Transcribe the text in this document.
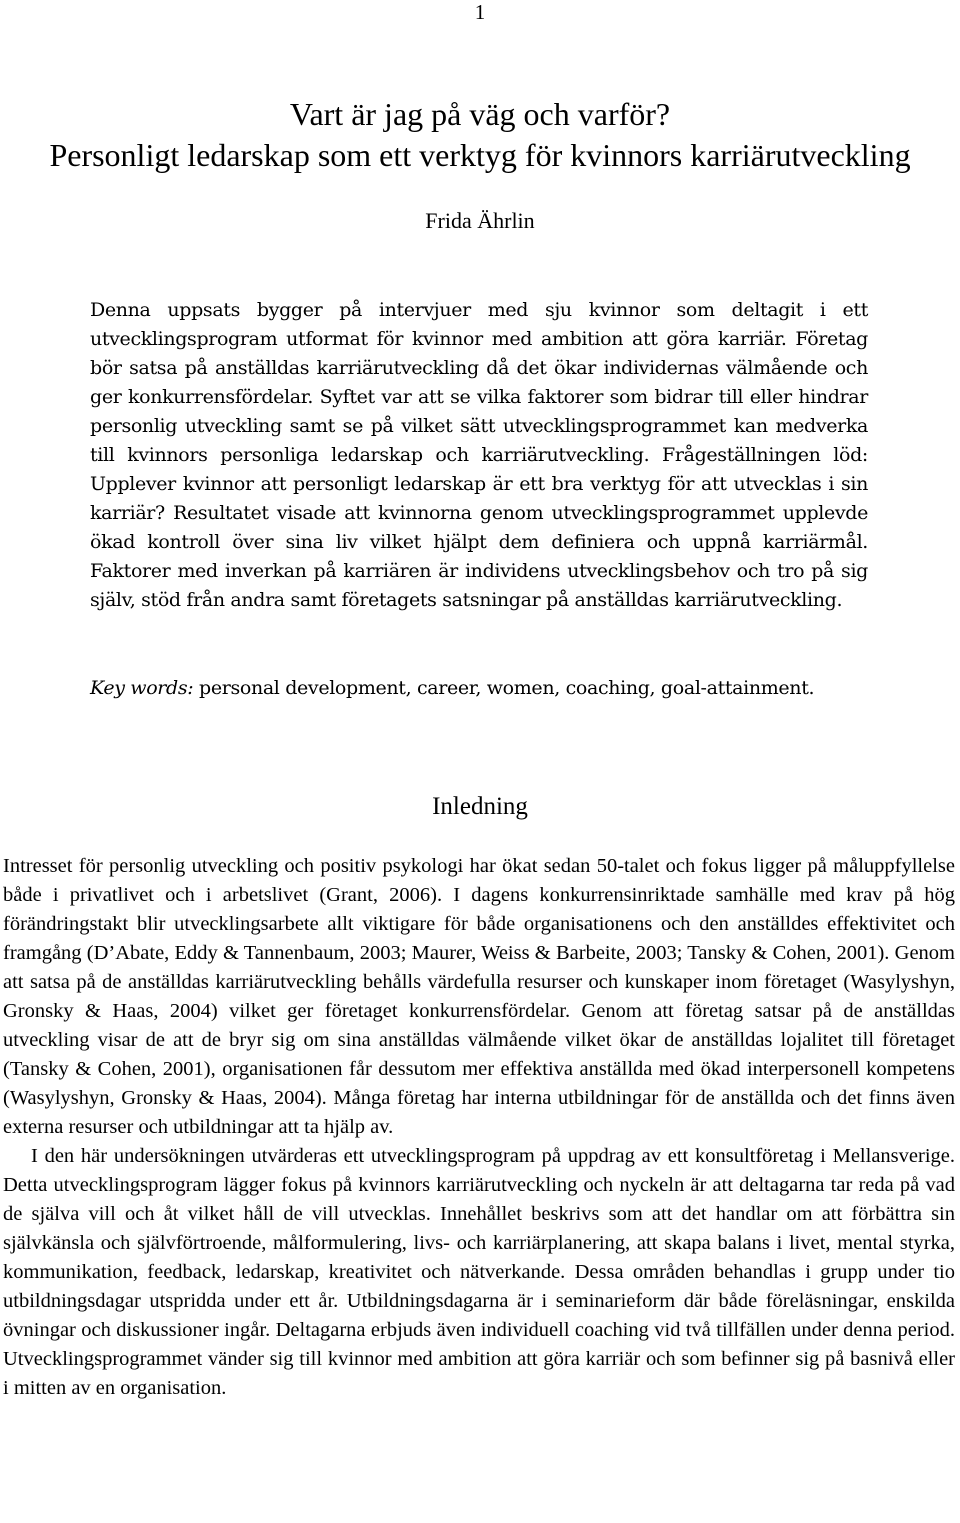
1
Vart är jag på väg och varför?
Personligt ledarskap som ett verktyg för kvinnors karriärutveckling
Frida Ährlin
Denna uppsats bygger på intervjuer med sju kvinnor som deltagit i ett utvecklingsprogram utformat för kvinnor med ambition att göra karriär. Företag bör satsa på anställdas karriärutveckling då det ökar individernas välmående och ger konkurrensfördelar. Syftet var att se vilka faktorer som bidrar till eller hindrar personlig utveckling samt se på vilket sätt utvecklingsprogrammet kan medverka till kvinnors personliga ledarskap och karriärutveckling. Frågeställningen löd: Upplever kvinnor att personligt ledarskap är ett bra verktyg för att utvecklas i sin karriär? Resultatet visade att kvinnorna genom utvecklingsprogrammet upplevde ökad kontroll över sina liv vilket hjälpt dem definiera och uppnå karriärmål. Faktorer med inverkan på karriären är individens utvecklingsbehov och tro på sig själv, stöd från andra samt företagets satsningar på anställdas karriärutveckling.
Key words: personal development, career, women, coaching, goal-attainment.
Inledning

Intresset för personlig utveckling och positiv psykologi har ökat sedan 50-talet och fokus ligger på måluppfyllelse både i privatlivet och i arbetslivet (Grant, 2006). I dagens konkurrensinriktade samhälle med krav på hög förändringstakt blir utvecklingsarbete allt viktigare för både organisationens och den anställdes effektivitet och framgång (D’Abate, Eddy & Tannenbaum, 2003; Maurer, Weiss & Barbeite, 2003; Tansky & Cohen, 2001). Genom att satsa på de anställdas karriärutveckling behålls värdefulla resurser och kunskaper inom företaget (Wasylyshyn, Gronsky & Haas, 2004) vilket ger företaget konkurrensfördelar. Genom att företag satsar på de anställdas utveckling visar de att de bryr sig om sina anställdas välmående vilket ökar de anställdas lojalitet till företaget (Tansky & Cohen, 2001), organisationen får dessutom mer effektiva anställda med ökad interpersonell kompetens (Wasylyshyn, Gronsky & Haas, 2004). Många företag har interna utbildningar för de anställda och det finns även externa resurser och utbildningar att ta hjälp av.

I den här undersökningen utvärderas ett utvecklingsprogram på uppdrag av ett konsultföretag i Mellansverige. Detta utvecklingsprogram lägger fokus på kvinnors karriärutveckling och nyckeln är att deltagarna tar reda på vad de själva vill och åt vilket håll de vill utvecklas. Innehållet beskrivs som att det handlar om att förbättra sin självkänsla och självförtroende, målformulering, livs- och karriärplanering, att skapa balans i livet, mental styrka, kommunikation, feedback, ledarskap, kreativitet och nätverkande. Dessa områden behandlas i grupp under tio utbildningsdagar utspridda under ett år. Utbildningsdagarna är i seminarieform där både föreläsningar, enskilda övningar och diskussioner ingår. Deltagarna erbjuds även individuell coaching vid två tillfällen under denna period. Utvecklingsprogrammet vänder sig till kvinnor med ambition att göra karriär och som befinner sig på basnivå eller i mitten av en organisation.
